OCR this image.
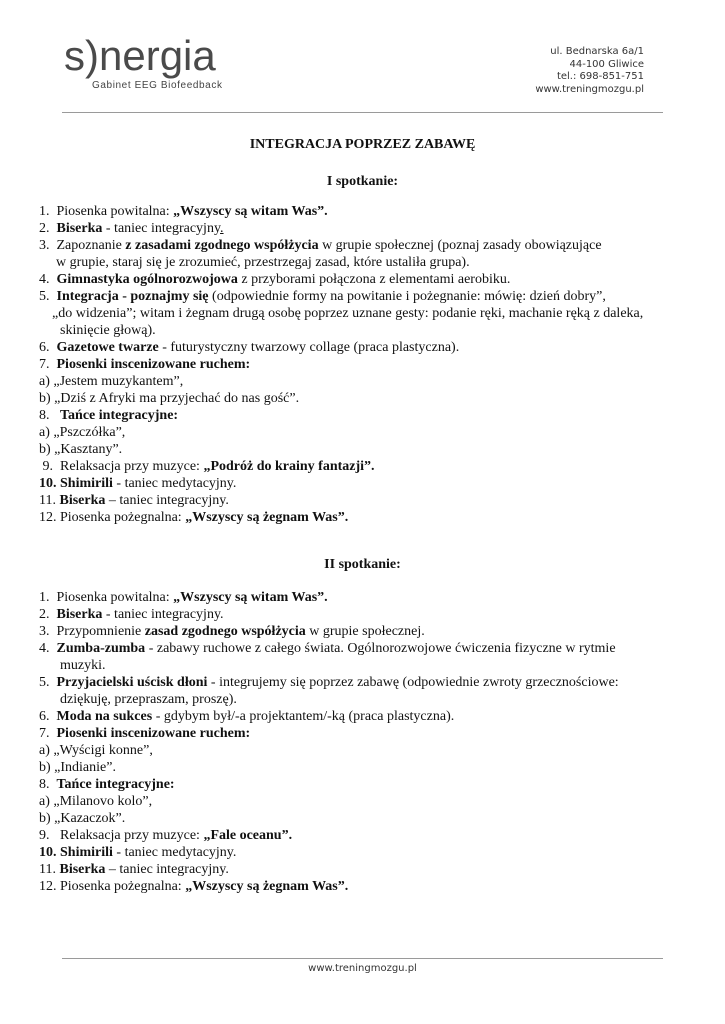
s)nergia
Gabinet EEG Biofeedback
ul. Bednarska 6a/1
44-100 Gliwice
tel.: 698-851-751
www.treningmozgu.pl
INTEGRACJA POPRZEZ ZABAWĘ
I spotkanie:
1. Piosenka powitalna: „Wszyscy są witam Was”.
2. Biserka - taniec integracyjny.
3. Zapoznanie z zasadami zgodnego współżycia w grupie społecznej (poznaj zasady obowiązujące
w grupie, staraj się je zrozumieć, przestrzegaj zasad, które ustaliła grupa).
4. Gimnastyka ogólnorozwojowa z przyborami połączona z elementami aerobiku.
5. Integracja - poznajmy się (odpowiednie formy na powitanie i pożegnanie: mówię: dzień dobry”,
„do widzenia”; witam i żegnam drugą osobę poprzez uznane gesty: podanie ręki, machanie ręką z daleka,
skinięcie głową).
6. Gazetowe twarze - futurystyczny twarzowy collage (praca plastyczna).
7. Piosenki inscenizowane ruchem:
a) „Jestem muzykantem”,
b) „Dziś z Afryki ma przyjechać do nas gość”.
8. Tańce integracyjne:
a) „Pszczółka”,
b) „Kasztany”.
9. Relaksacja przy muzyce: „Podróż do krainy fantazji”.
10. Shimirili - taniec medytacyjny.
11. Biserka – taniec integracyjny.
12. Piosenka pożegnalna: „Wszyscy są żegnam Was”.
II spotkanie:
1. Piosenka powitalna: „Wszyscy są witam Was”.
2. Biserka - taniec integracyjny.
3. Przypomnienie zasad zgodnego współżycia w grupie społecznej.
4. Zumba-zumba - zabawy ruchowe z całego świata. Ogólnorozwojowe ćwiczenia fizyczne w rytmie
muzyki.
5. Przyjacielski uścisk dłoni - integrujemy się poprzez zabawę (odpowiednie zwroty grzecznościowe:
dziękuję, przepraszam, proszę).
6. Moda na sukces - gdybym był/-a projektantem/-ką (praca plastyczna).
7. Piosenki inscenizowane ruchem:
a) „Wyścigi konne”,
b) „Indianie”.
8. Tańce integracyjne:
a) „Milanovo kolo”,
b) „Kazaczok”.
9. Relaksacja przy muzyce: „Fale oceanu”.
10. Shimirili - taniec medytacyjny.
11. Biserka – taniec integracyjny.
12. Piosenka pożegnalna: „Wszyscy są żegnam Was”.
www.treningmozgu.pl
